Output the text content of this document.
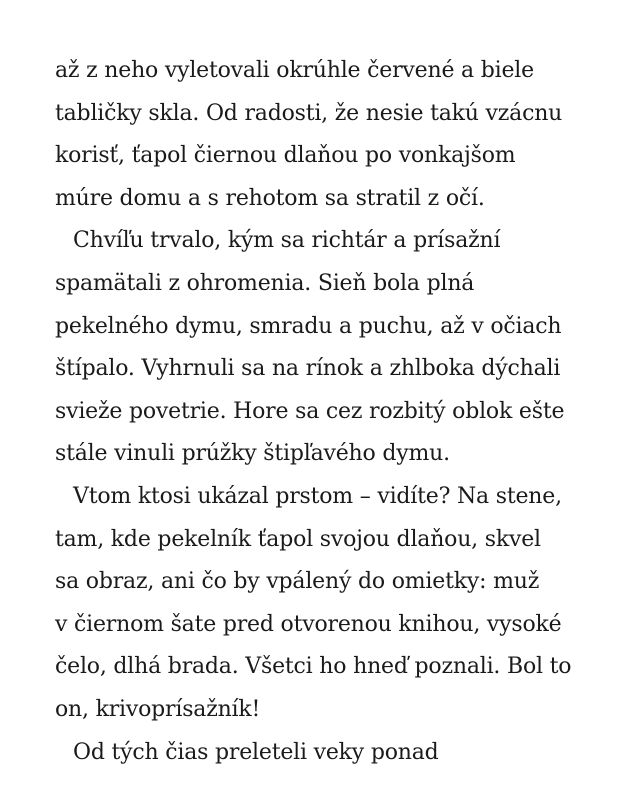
až z neho vyletovali okrúhle červené a biele
tabličky skla. Od radosti, že nesie takú vzácnu
korisť, ťapol čiernou dlaňou po vonkajšom
múre domu a s rehotom sa stratil z očí.
Chvíľu trvalo, kým sa richtár a prísažní
spamätali z ohromenia. Sieň bola plná
pekelného dymu, smradu a puchu, až v očiach
štípalo. Vyhrnuli sa na rínok a zhlboka dýchali
svieže povetrie. Hore sa cez rozbitý oblok ešte
stále vinuli prúžky štipľavého dymu.
Vtom ktosi ukázal prstom – vidíte? Na stene,
tam, kde pekelník ťapol svojou dlaňou, skvel
sa obraz, ani čo by vpálený do omietky: muž
v čiernom šate pred otvorenou knihou, vysoké
čelo, dlhá brada. Všetci ho hneď poznali. Bol to
on, krivoprísažník!
Od tých čias preleteli veky ponad
